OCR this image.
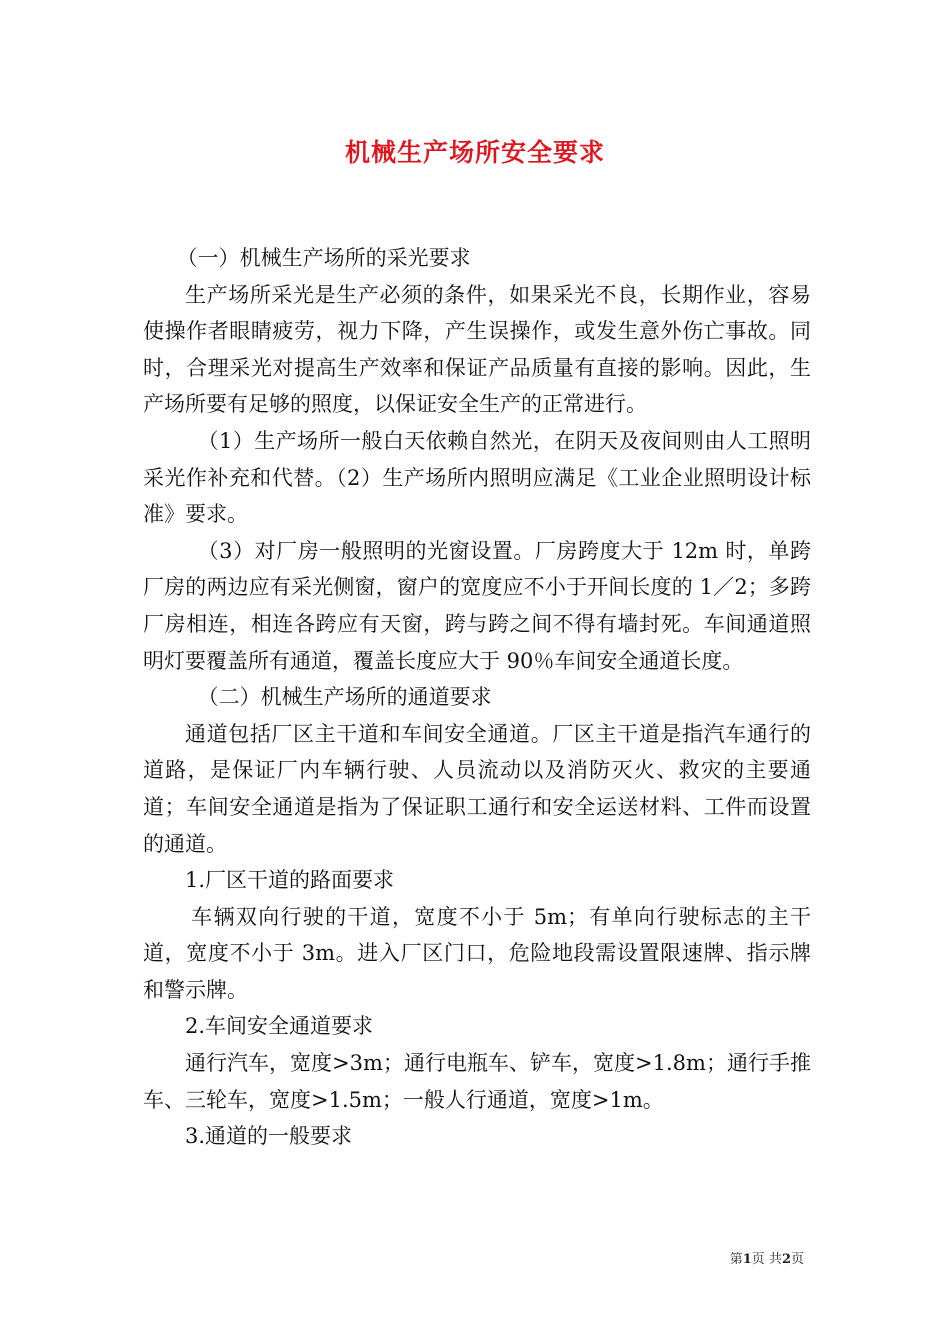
机械生产场所安全要求

（一）机械生产场所的采光要求

生产场所采光是生产必须的条件，如果采光不良，长期作业，容易使操作者眼睛疲劳，视力下降，产生误操作，或发生意外伤亡事故。同时，合理采光对提高生产效率和保证产品质量有直接的影响。因此，生产场所要有足够的照度，以保证安全生产的正常进行。

（1）生产场所一般白天依赖自然光，在阴天及夜间则由人工照明采光作补充和代替。（2）生产场所内照明应满足《工业企业照明设计标准》要求。

（3）对厂房一般照明的光窗设置。厂房跨度大于 12m 时，单跨厂房的两边应有采光侧窗，窗户的宽度应不小于开间长度的 1／2；多跨厂房相连，相连各跨应有天窗，跨与跨之间不得有墙封死。车间通道照明灯要覆盖所有通道，覆盖长度应大于 90％车间安全通道长度。

（二）机械生产场所的通道要求

通道包括厂区主干道和车间安全通道。厂区主干道是指汽车通行的道路，是保证厂内车辆行驶、人员流动以及消防灭火、救灾的主要通道；车间安全通道是指为了保证职工通行和安全运送材料、工件而设置的通道。

1.厂区干道的路面要求

车辆双向行驶的干道，宽度不小于 5m；有单向行驶标志的主干道，宽度不小于 3m。进入厂区门口，危险地段需设置限速牌、指示牌和警示牌。

2.车间安全通道要求

通行汽车，宽度>3m；通行电瓶车、铲车，宽度>1.8m；通行手推车、三轮车，宽度>1.5m；一般人行通道，宽度>1m。

3.通道的一般要求

第1页 共2页
